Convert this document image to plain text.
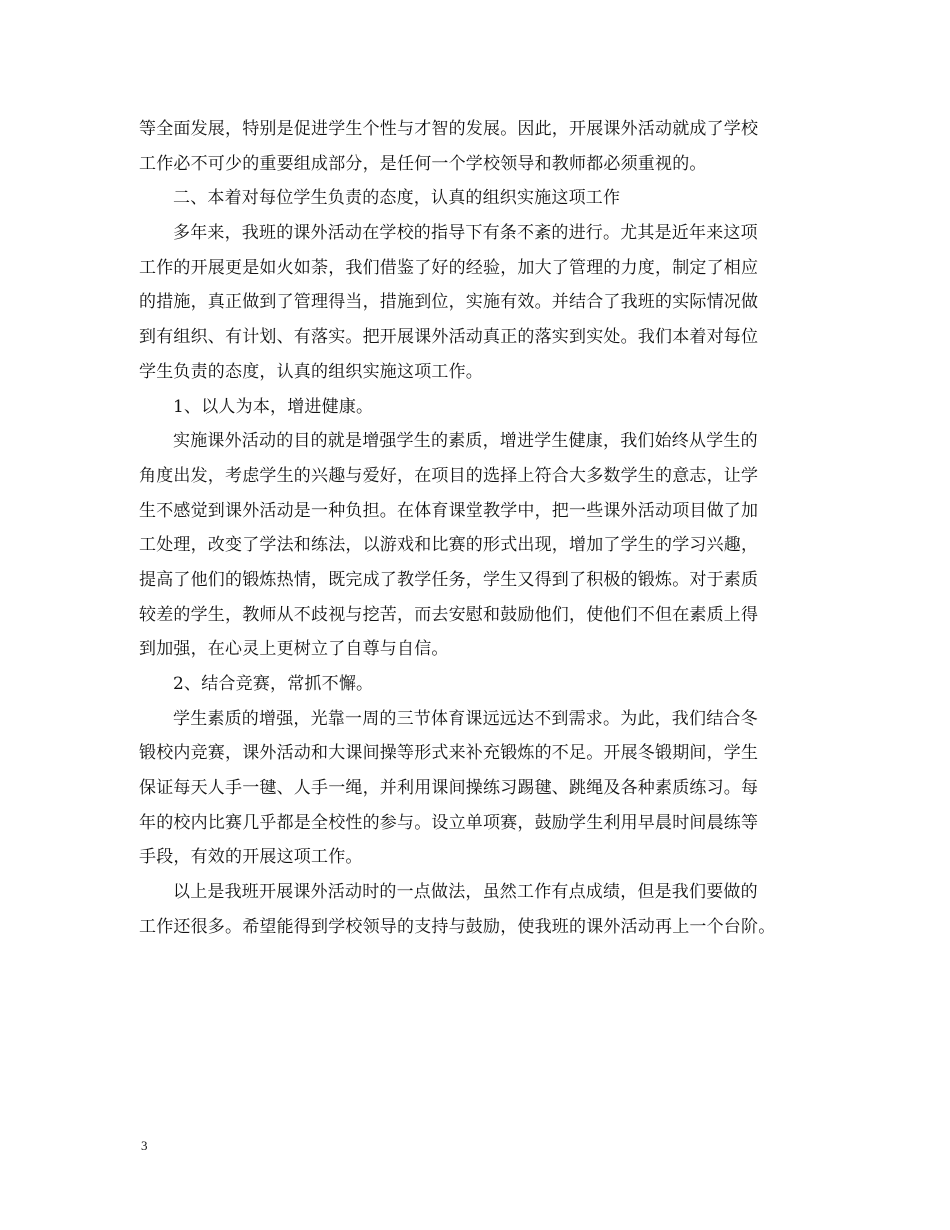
等全面发展，特别是促进学生个性与才智的发展。因此，开展课外活动就成了学校
工作必不可少的重要组成部分，是任何一个学校领导和教师都必须重视的。
二、本着对每位学生负责的态度，认真的组织实施这项工作
多年来，我班的课外活动在学校的指导下有条不紊的进行。尤其是近年来这项
工作的开展更是如火如荼，我们借鉴了好的经验，加大了管理的力度，制定了相应
的措施，真正做到了管理得当，措施到位，实施有效。并结合了我班的实际情况做
到有组织、有计划、有落实。把开展课外活动真正的落实到实处。我们本着对每位
学生负责的态度，认真的组织实施这项工作。
1、以人为本，增进健康。
实施课外活动的目的就是增强学生的素质，增进学生健康，我们始终从学生的
角度出发，考虑学生的兴趣与爱好，在项目的选择上符合大多数学生的意志，让学
生不感觉到课外活动是一种负担。在体育课堂教学中，把一些课外活动项目做了加
工处理，改变了学法和练法，以游戏和比赛的形式出现，增加了学生的学习兴趣，
提高了他们的锻炼热情，既完成了教学任务，学生又得到了积极的锻炼。对于素质
较差的学生，教师从不歧视与挖苦，而去安慰和鼓励他们，使他们不但在素质上得
到加强，在心灵上更树立了自尊与自信。
2、结合竞赛，常抓不懈。
学生素质的增强，光靠一周的三节体育课远远达不到需求。为此，我们结合冬
锻校内竞赛，课外活动和大课间操等形式来补充锻炼的不足。开展冬锻期间，学生
保证每天人手一毽、人手一绳，并利用课间操练习踢毽、跳绳及各种素质练习。每
年的校内比赛几乎都是全校性的参与。设立单项赛，鼓励学生利用早晨时间晨练等
手段，有效的开展这项工作。
以上是我班开展课外活动时的一点做法，虽然工作有点成绩，但是我们要做的
工作还很多。希望能得到学校领导的支持与鼓励，使我班的课外活动再上一个台阶。
3
